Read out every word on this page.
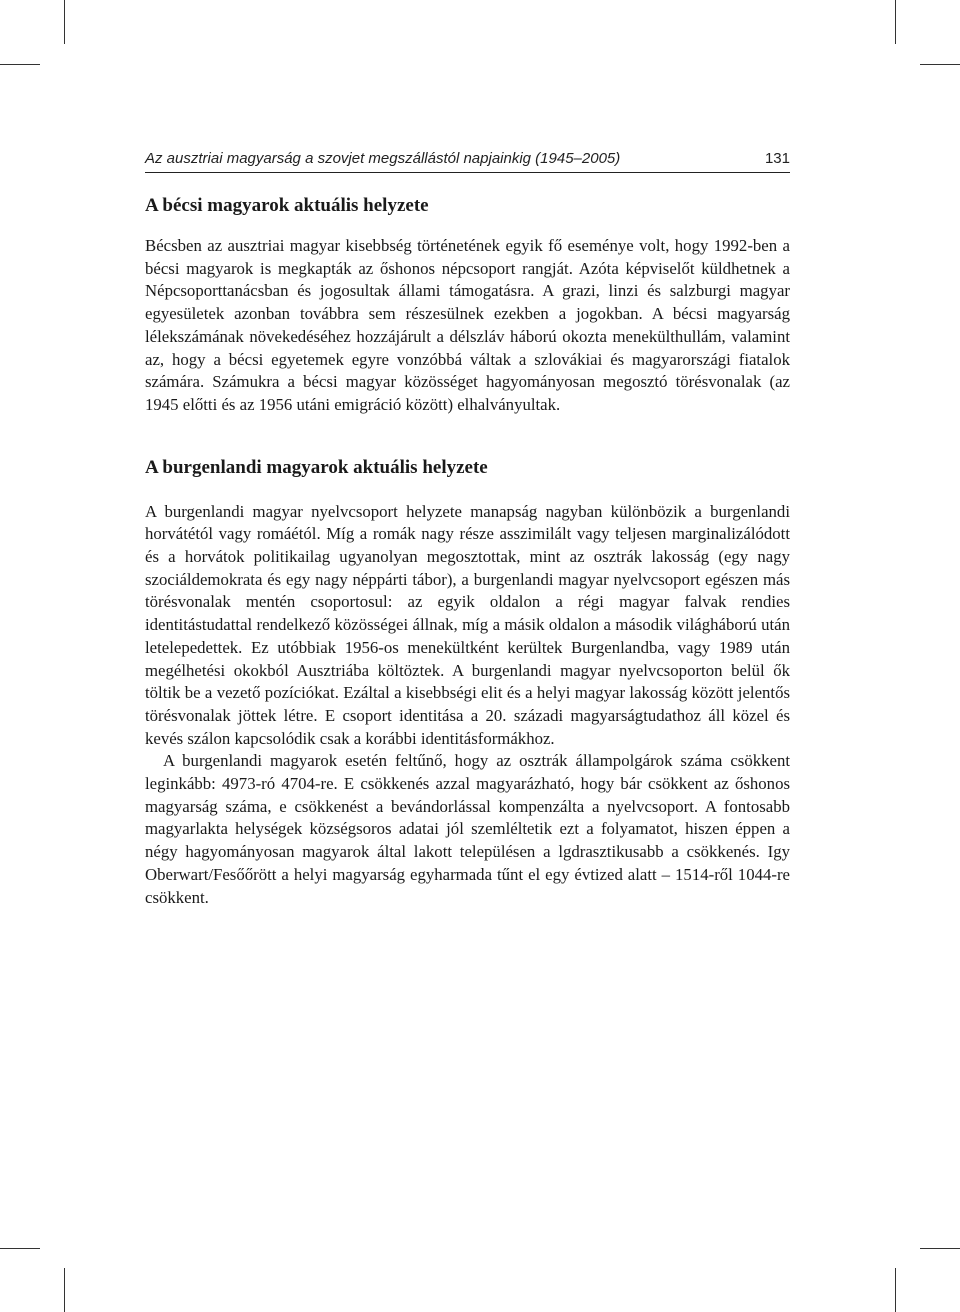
Az ausztriai magyarság a szovjet megszállástól napjainkig (1945–2005)	131
A bécsi magyarok aktuális helyzete

Bécsben az ausztriai magyar kisebbség történetének egyik fő eseménye volt, hogy 1992-ben a bécsi magyarok is megkapták az őshonos népcsoport rangját. Azóta képviselőt küldhetnek a Népcsoporttanácsban és jogosultak állami támogatásra. A grazi, linzi és salzburgi magyar egyesületek azonban továbbra sem részesülnek ezekben a jogokban. A bécsi magyarság lélekszámának növekedéséhez hozzájárult a délszláv háború okozta menekülthullám, valamint az, hogy a bécsi egyetemek egyre vonzóbbá váltak a szlovákiai és magyarországi fiatalok számára. Számukra a bécsi magyar közösséget hagyományosan megosztó törésvonalak (az 1945 előtti és az 1956 utáni emigráció között) elhalványultak.

A burgenlandi magyarok aktuális helyzete

A burgenlandi magyar nyelvcsoport helyzete manapság nagyban különbözik a burgenlandi horvátétól vagy romáétól. Míg a romák nagy része asszimilált vagy teljesen marginalizálódott és a horvátok politikailag ugyanolyan megosztottak, mint az osztrák lakosság (egy nagy szociáldemokrata és egy nagy néppárti tábor), a burgenlandi magyar nyelvcsoport egészen más törésvonalak mentén csoportosul: az egyik oldalon a régi magyar falvak rendies identitástudattal rendelkező közösségei állnak, míg a másik oldalon a második világháború után letelepedettek. Ez utóbbiak 1956-os menekültként kerültek Burgenlandba, vagy 1989 után megélhetési okokból Ausztriába költöztek. A burgenlandi magyar nyelvcsoporton belül ők töltik be a vezető pozíciókat. Ezáltal a kisebbségi elit és a helyi magyar lakosság között jelentős törésvonalak jöttek létre. E csoport identitása a 20. századi magyarságtudathoz áll közel és kevés szálon kapcsolódik csak a korábbi identitásformákhoz.

A burgenlandi magyarok esetén feltűnő, hogy az osztrák állampolgárok száma csökkent leginkább: 4973-ró 4704-re. E csökkenés azzal magyarázható, hogy bár csökkent az őshonos magyarság száma, e csökkenést a bevándorlással kompenzálta a nyelvcsoport. A fontosabb magyarlakta helységek községsoros adatai jól szemléltetik ezt a folyamatot, hiszen éppen a négy hagyományosan magyarok által lakott településen a lgdrasztikusabb a csökkenés. Igy Oberwart/Fesőőrött a helyi magyarság egyharmada tűnt el egy évtized alatt – 1514-ről 1044-re csökkent.
